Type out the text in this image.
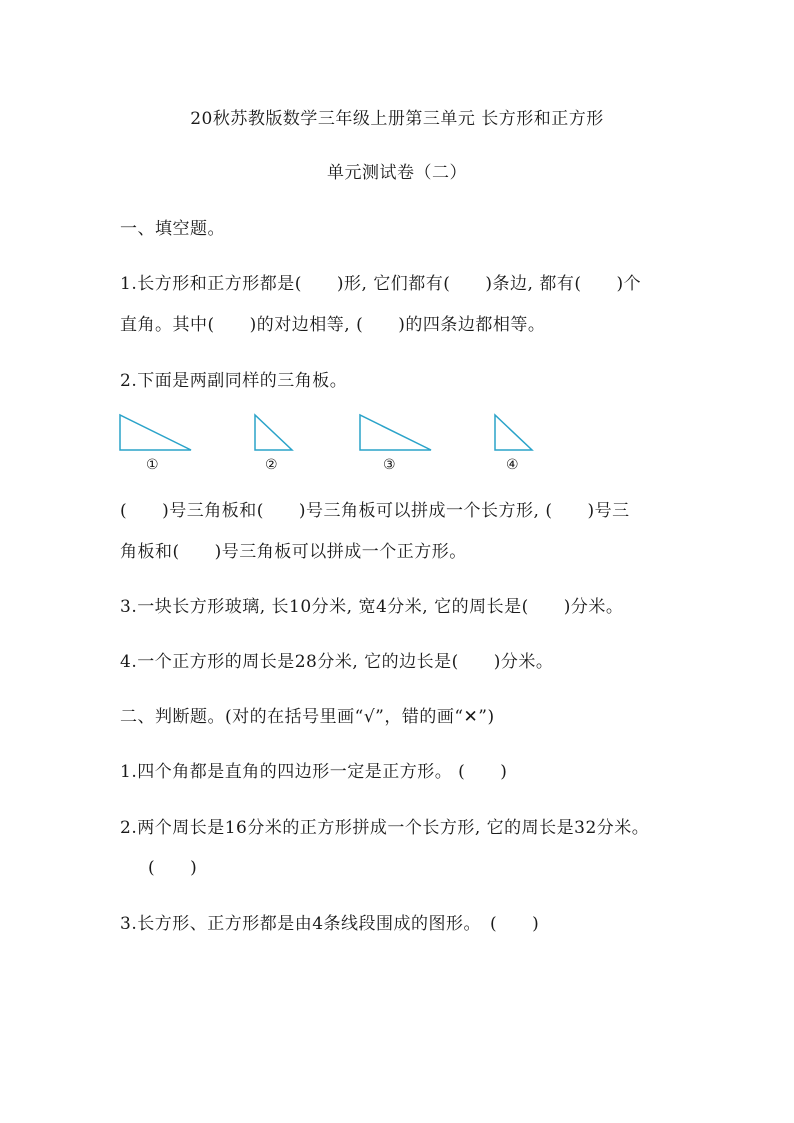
20秋苏教版数学三年级上册第三单元 长方形和正方形
单元测试卷（二）
一、填空题。
1.长方形和正方形都是(　　)形, 它们都有(　　)条边, 都有(　　)个
直角。其中(　　)的对边相等, (　　)的四条边都相等。
2.下面是两副同样的三角板。
①	②	③	④
(　　)号三角板和(　　)号三角板可以拼成一个长方形, (　　)号三
角板和(　　)号三角板可以拼成一个正方形。
3.一块长方形玻璃, 长10分米, 宽4分米, 它的周长是(　　)分米。
4.一个正方形的周长是28分米, 它的边长是(　　)分米。
二、判断题。(对的在括号里画“√”，错的画“✕”)
1.四个角都是直角的四边形一定是正方形。 (　　)
2.两个周长是16分米的正方形拼成一个长方形, 它的周长是32分米。
(　　)
3.长方形、正方形都是由4条线段围成的图形。　(　　)
